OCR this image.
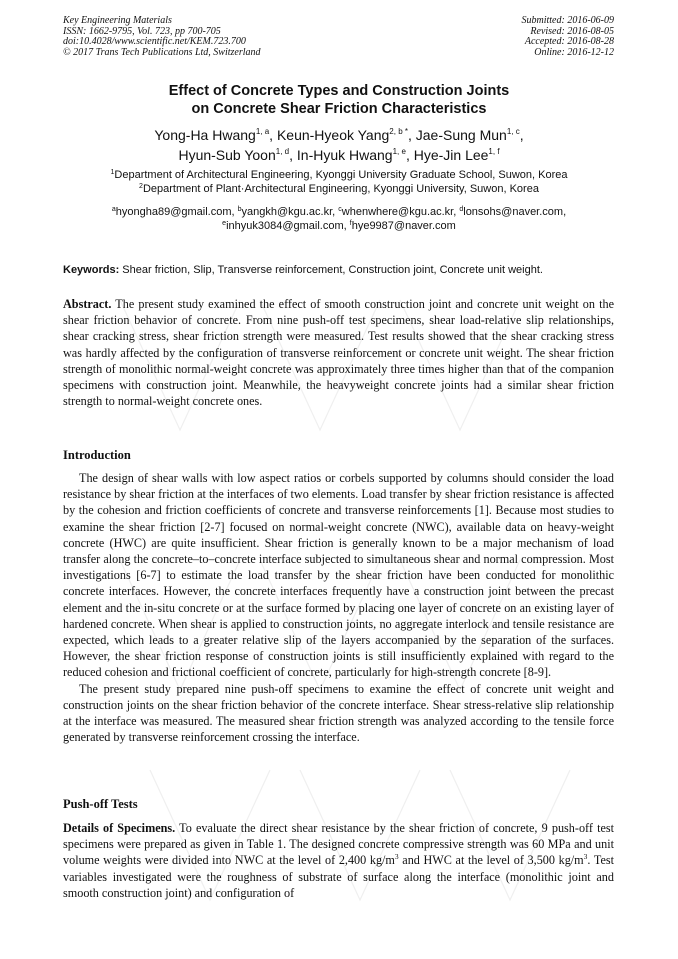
Key Engineering Materials
ISSN: 1662-9795, Vol. 723, pp 700-705
doi:10.4028/www.scientific.net/KEM.723.700
© 2017 Trans Tech Publications Ltd, Switzerland
Submitted: 2016-06-09
Revised: 2016-08-05
Accepted: 2016-08-28
Online: 2016-12-12
Effect of Concrete Types and Construction Joints
on Concrete Shear Friction Characteristics
Yong-Ha Hwang$^{1, a}$, Keun-Hyeok Yang$^{2, b *}$, Jae-Sung Mun$^{1, c}$,
Hyun-Sub Yoon$^{1, d}$, In-Hyuk Hwang$^{1, e}$, Hye-Jin Lee$^{1, f}$
$^1$Department of Architectural Engineering, Kyonggi University Graduate School, Suwon, Korea
$^2$Department of Plant·Architectural Engineering, Kyonggi University, Suwon, Korea
$^a$hyongha89@gmail.com, $^b$yangkh@kgu.ac.kr, $^c$whenwhere@kgu.ac.kr, $^d$lonsohs@naver.com,
$^e$inhyuk3084@gmail.com, $^f$hye9987@naver.com
Keywords: Shear friction, Slip, Transverse reinforcement, Construction joint, Concrete unit weight.
Abstract. The present study examined the effect of smooth construction joint and concrete unit weight on the shear friction behavior of concrete. From nine push-off test specimens, shear load-relative slip relationships, shear cracking stress, shear friction strength were measured. Test results showed that the shear cracking stress was hardly affected by the configuration of transverse reinforcement or concrete unit weight. The shear friction strength of monolithic normal-weight concrete was approximately three times higher than that of the companion specimens with construction joint. Meanwhile, the heavyweight concrete joints had a similar shear friction strength to normal-weight concrete ones.
Introduction

The design of shear walls with low aspect ratios or corbels supported by columns should consider the load resistance by shear friction at the interfaces of two elements. Load transfer by shear friction resistance is affected by the cohesion and friction coefficients of concrete and transverse reinforcements [1]. Because most studies to examine the shear friction [2-7] focused on normal-weight concrete (NWC), available data on heavy-weight concrete (HWC) are quite insufficient. Shear friction is generally known to be a major mechanism of load transfer along the concrete–to–concrete interface subjected to simultaneous shear and normal compression. Most investigations [6-7] to estimate the load transfer by the shear friction have been conducted for monolithic concrete interfaces. However, the concrete interfaces frequently have a construction joint between the precast element and the in-situ concrete or at the surface formed by placing one layer of concrete on an existing layer of hardened concrete. When shear is applied to construction joints, no aggregate interlock and tensile resistance are expected, which leads to a greater relative slip of the layers accompanied by the separation of the surfaces. However, the shear friction response of construction joints is still insufficiently explained with regard to the reduced cohesion and frictional coefficient of concrete, particularly for high-strength concrete [8-9].

The present study prepared nine push-off specimens to examine the effect of concrete unit weight and construction joints on the shear friction behavior of the concrete interface. Shear stress-relative slip relationship at the interface was measured. The measured shear friction strength was analyzed according to the tensile force generated by transverse reinforcement crossing the interface.

Push-off Tests
Details of Specimens. To evaluate the direct shear resistance by the shear friction of concrete, 9 push-off test specimens were prepared as given in Table 1. The designed concrete compressive strength was 60 MPa and unit volume weights were divided into NWC at the level of 2,400 $kg/m^3$ and HWC at the level of 3,500 $kg/m^3$. Test variables investigated were the roughness of substrate of surface along the interface (monolithic joint and smooth construction joint) and configuration of
